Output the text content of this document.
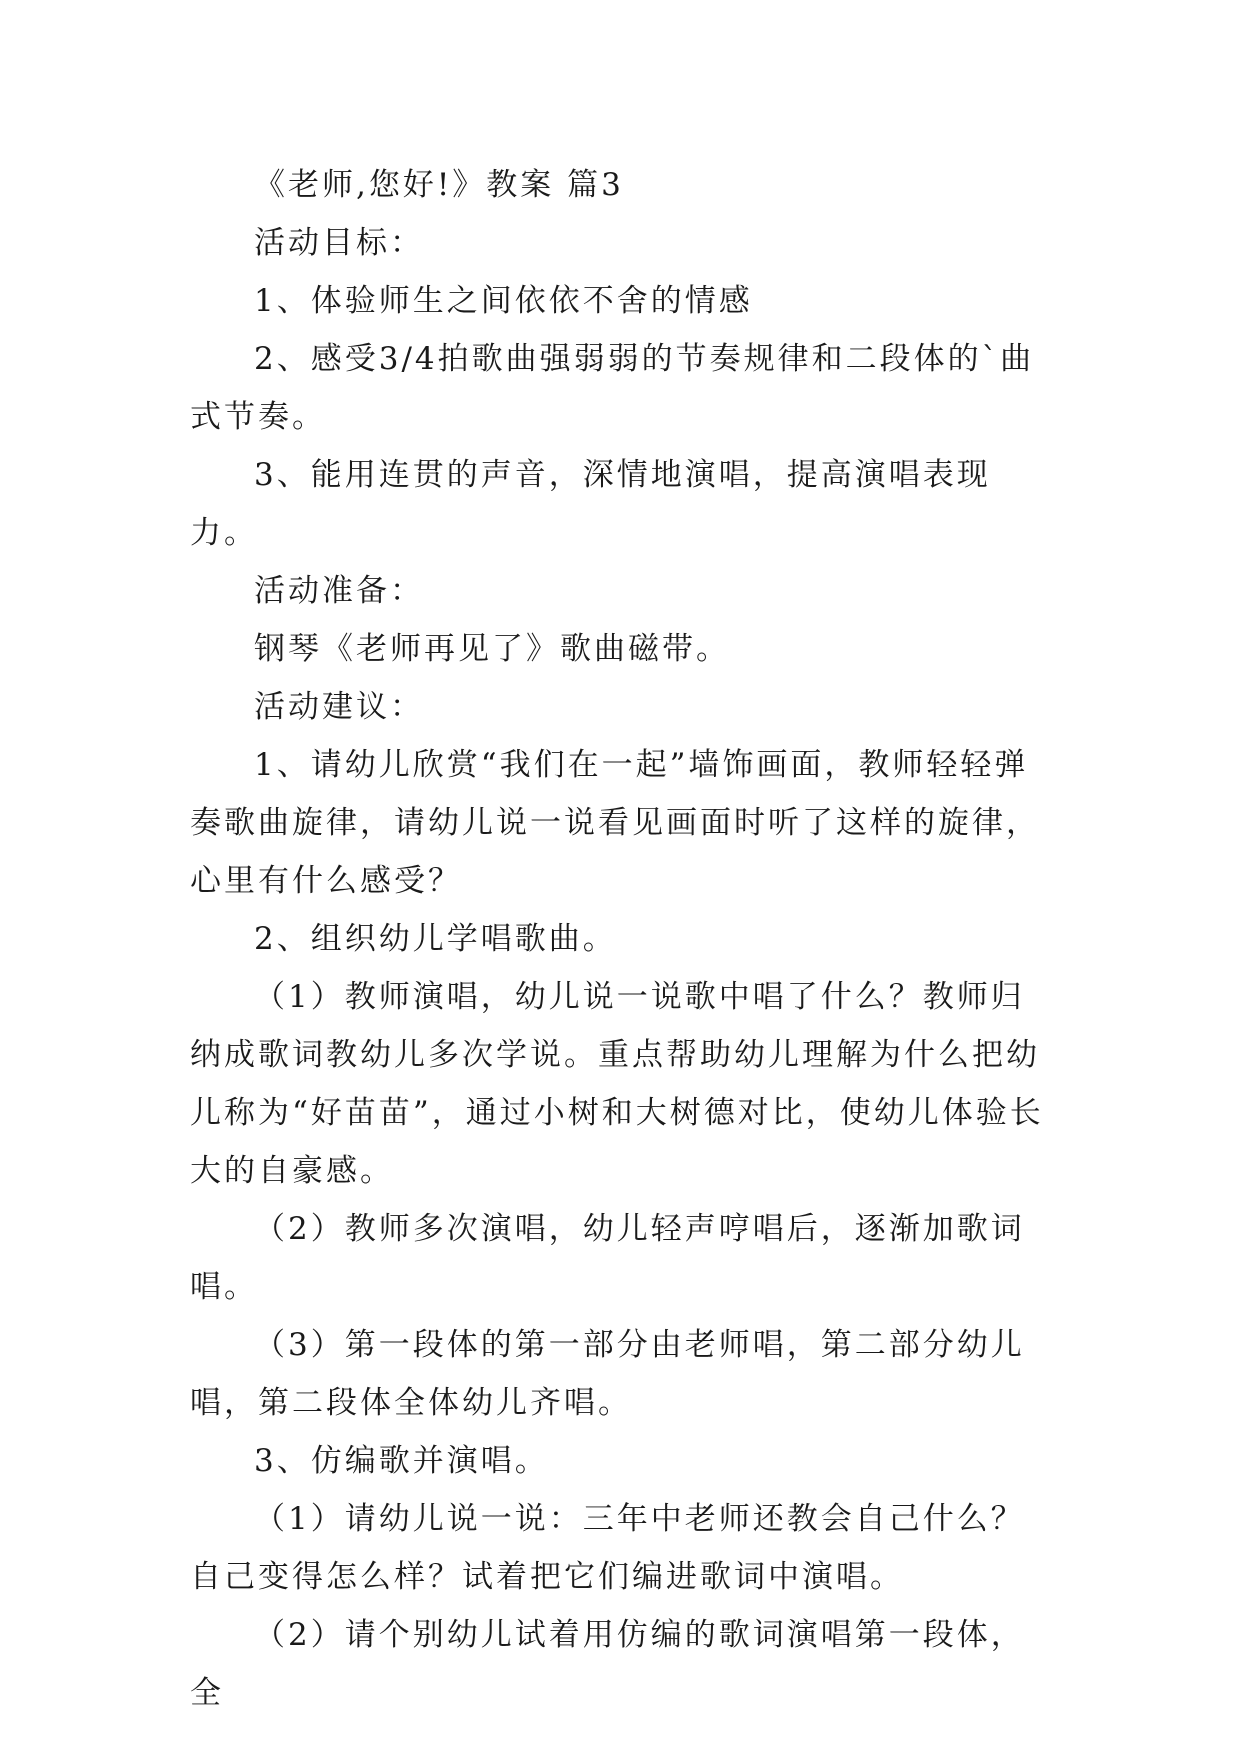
《老师,您好!》教案 篇3

活动目标：

1、体验师生之间依依不舍的情感

2、感受3/4拍歌曲强弱弱的节奏规律和二段体的`曲式节奏。

3、能用连贯的声音，深情地演唱，提高演唱表现力。

活动准备：

钢琴《老师再见了》歌曲磁带。

活动建议：

1、请幼儿欣赏“我们在一起”墙饰画面，教师轻轻弹奏歌曲旋律，请幼儿说一说看见画面时听了这样的旋律，心里有什么感受？

2、组织幼儿学唱歌曲。

（1）教师演唱，幼儿说一说歌中唱了什么？教师归纳成歌词教幼儿多次学说。重点帮助幼儿理解为什么把幼儿称为“好苗苗”，通过小树和大树德对比，使幼儿体验长大的自豪感。

（2）教师多次演唱，幼儿轻声哼唱后，逐渐加歌词唱。

（3）第一段体的第一部分由老师唱，第二部分幼儿唱，第二段体全体幼儿齐唱。

3、仿编歌并演唱。

（1）请幼儿说一说：三年中老师还教会自己什么？自己变得怎么样？试着把它们编进歌词中演唱。

（2）请个别幼儿试着用仿编的歌词演唱第一段体，全
